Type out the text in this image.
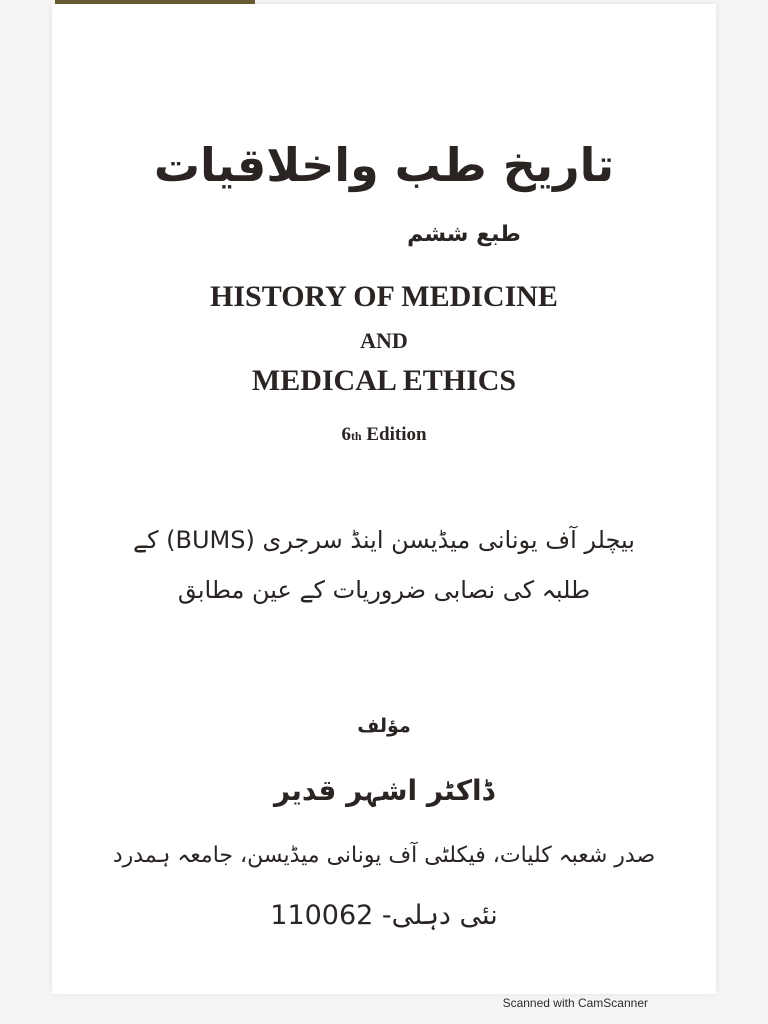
تاریخ طب واخلاقیات
طبع ششم
HISTORY OF MEDICINE
AND
MEDICAL ETHICS
6th Edition
بیچلر آف یونانی میڈیسن اینڈ سرجری (BUMS) کے
طلبہ کی نصابی ضروریات کے عین مطابق
مؤلف
ڈاکٹر اشہر قدیر
صدر شعبہ کلیات، فیکلٹی آف یونانی میڈیسن، جامعہ ہمدرد
نئی دہلی- 110062
Scanned with CamScanner
